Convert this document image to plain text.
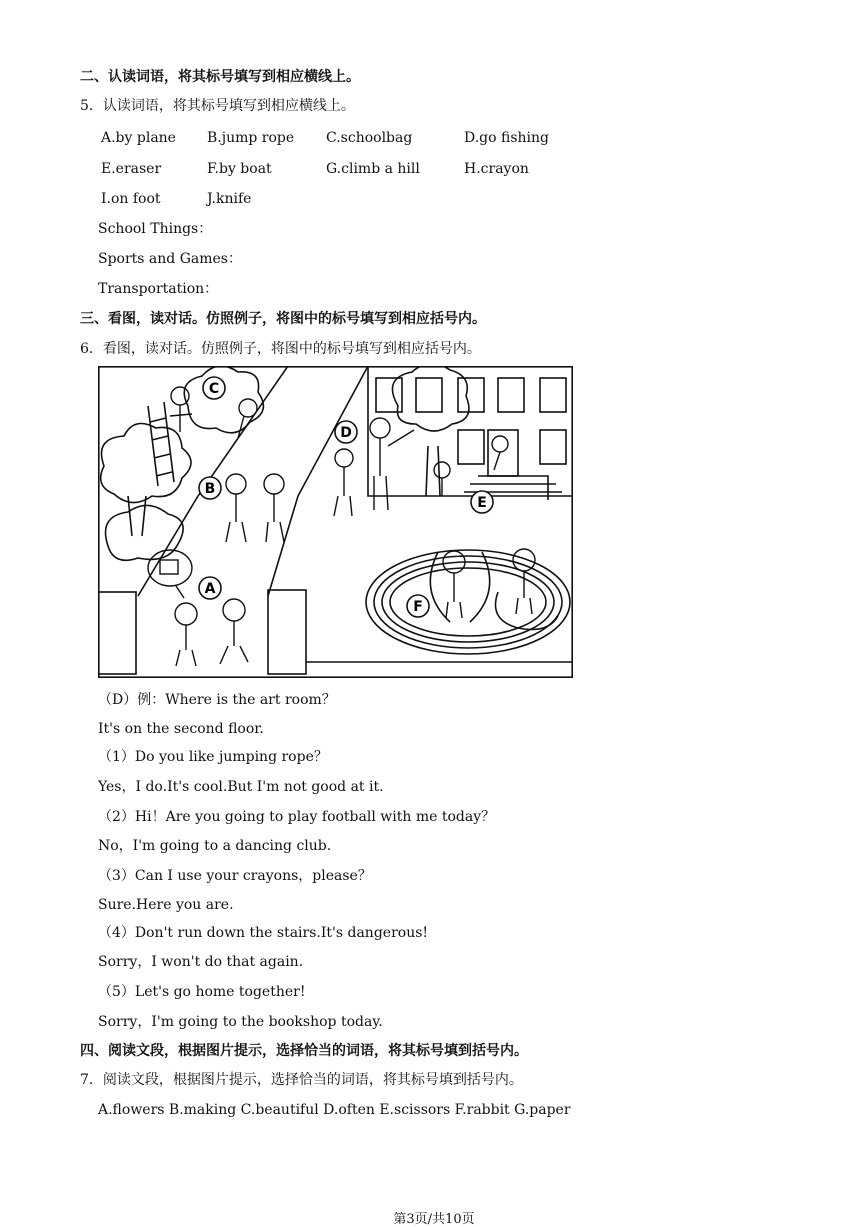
二、认读词语，将其标号填写到相应横线上。
5．认读词语，将其标号填写到相应横线上。
A.by plane B.jump rope C.schoolbag	D.go fishing
E.eraser	F.by boat	G.climb a hill	H.crayon
I.on foot	J.knife
School Things：
Sports and Games：
Transportation：
三、看图，读对话。仿照例子，将图中的标号填写到相应括号内。
6．看图，读对话。仿照例子，将图中的标号填写到相应括号内。
A
B
C
D
E
F
（D）例：Where is the art room？
It's on the second floor.
（1）Do you like jumping rope？
Yes，I do.It's cool.But I'm not good at it.
（2）Hi！Are you going to play football with me today？
No，I'm going to a dancing club.
（3）Can I use your crayons，please？
Sure.Here you are.
（4）Don't run down the stairs.It's dangerous!
Sorry，I won't do that again.
（5）Let's go home together!
Sorry，I'm going to the bookshop today.
四、阅读文段，根据图片提示，选择恰当的词语，将其标号填到括号内。
7．阅读文段，根据图片提示，选择恰当的词语，将其标号填到括号内。
A.flowers B.making C.beautiful D.often E.scissors F.rabbit G.paper
第3页/共10页
